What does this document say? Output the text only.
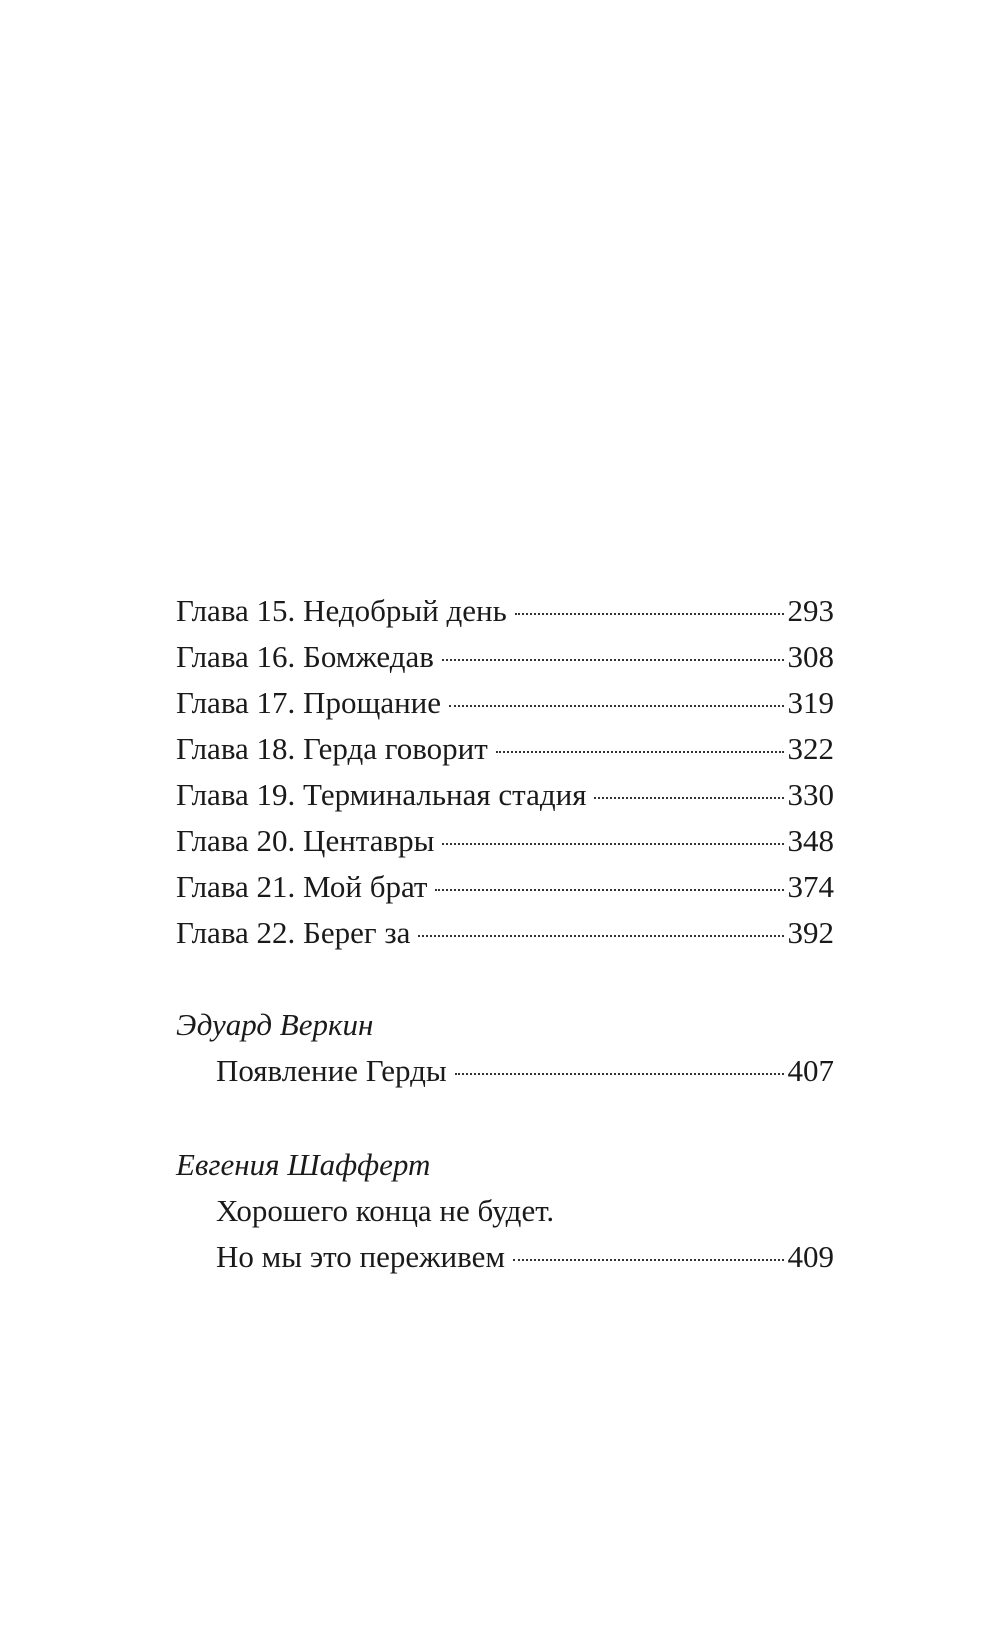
Глава 15. Недобрый день	293
Глава 16. Бомжедав	308
Глава 17. Прощание	319
Глава 18. Герда говорит	322
Глава 19. Терминальная стадия	330
Глава 20. Центавры	348
Глава 21. Мой брат	374
Глава 22. Берег за	392
Эдуард Веркин
Появление Герды	407
Евгения Шафферт
Хорошего конца не будет.
Но мы это переживем	409
